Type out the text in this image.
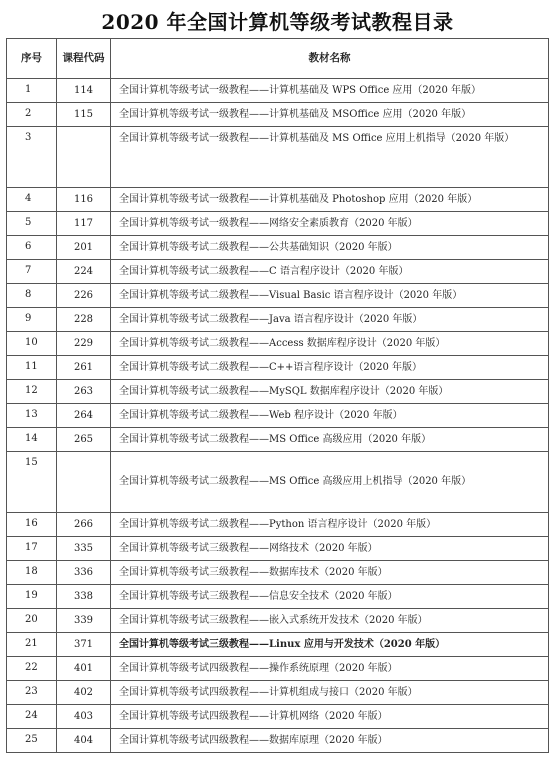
2020 年全国计算机等级考试教程目录
序号	课程代码	教材名称
1	114	全国计算机等级考试一级教程——计算机基础及 WPS Office 应用（2020 年版）
2	115	全国计算机等级考试一级教程——计算机基础及 MSOffice 应用（2020 年版）
3		全国计算机等级考试一级教程——计算机基础及 MS Office 应用上机指导（2020 年版）
4	116	全国计算机等级考试一级教程——计算机基础及 Photoshop 应用（2020 年版）
5	117	全国计算机等级考试一级教程——网络安全素质教育（2020 年版）
6	201	全国计算机等级考试二级教程——公共基础知识（2020 年版）
7	224	全国计算机等级考试二级教程——C 语言程序设计（2020 年版）
8	226	全国计算机等级考试二级教程——Visual Basic 语言程序设计（2020 年版）
9	228	全国计算机等级考试二级教程——Java 语言程序设计（2020 年版）
10	229	全国计算机等级考试二级教程——Access 数据库程序设计（2020 年版）
11	261	全国计算机等级考试二级教程——C++语言程序设计（2020 年版）
12	263	全国计算机等级考试二级教程——MySQL 数据库程序设计（2020 年版）
13	264	全国计算机等级考试二级教程——Web 程序设计（2020 年版）
14	265	全国计算机等级考试二级教程——MS Office 高级应用（2020 年版）
15		全国计算机等级考试二级教程——MS Office 高级应用上机指导（2020 年版）
16	266	全国计算机等级考试二级教程——Python 语言程序设计（2020 年版）
17	335	全国计算机等级考试三级教程——网络技术（2020 年版）
18	336	全国计算机等级考试三级教程——数据库技术（2020 年版）
19	338	全国计算机等级考试三级教程——信息安全技术（2020 年版）
20	339	全国计算机等级考试三级教程——嵌入式系统开发技术（2020 年版）
21	371	全国计算机等级考试三级教程——Linux 应用与开发技术（2020 年版）
22	401	全国计算机等级考试四级教程——操作系统原理（2020 年版）
23	402	全国计算机等级考试四级教程——计算机组成与接口（2020 年版）
24	403	全国计算机等级考试四级教程——计算机网络（2020 年版）
25	404	全国计算机等级考试四级教程——数据库原理（2020 年版）
